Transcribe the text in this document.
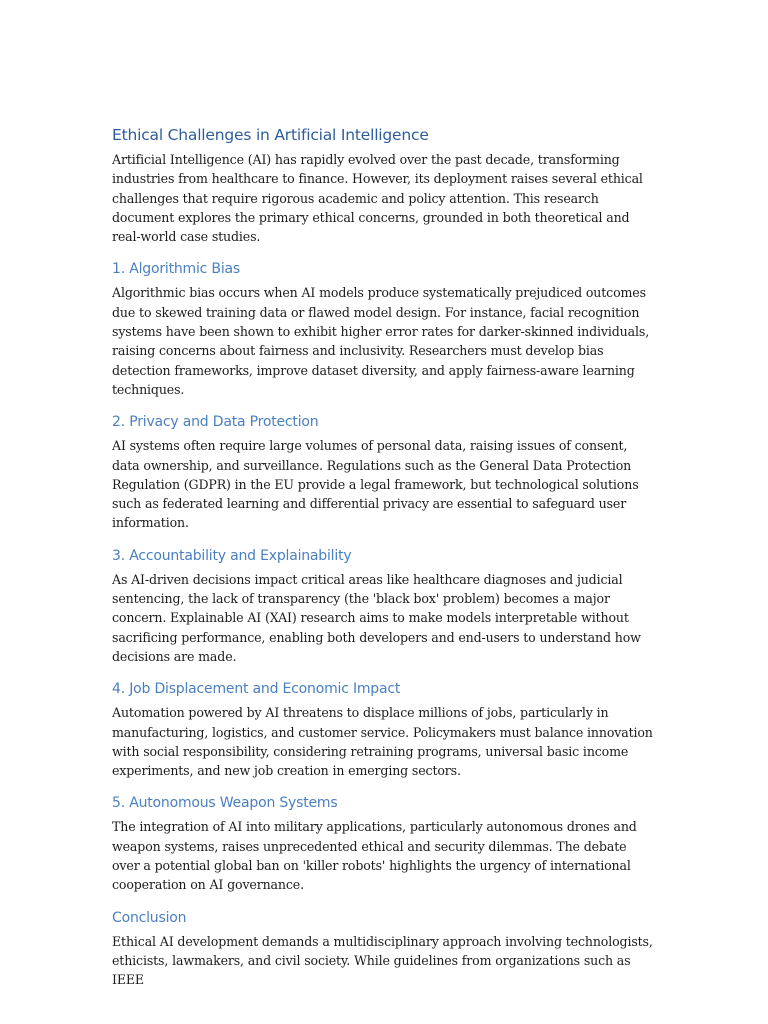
Ethical Challenges in Artificial Intelligence

Artificial Intelligence (AI) has rapidly evolved over the past decade, transforming industries from healthcare to finance. However, its deployment raises several ethical challenges that require rigorous academic and policy attention. This research document explores the primary ethical concerns, grounded in both theoretical and real-world case studies.

1. Algorithmic Bias

Algorithmic bias occurs when AI models produce systematically prejudiced outcomes due to skewed training data or flawed model design. For instance, facial recognition systems have been shown to exhibit higher error rates for darker-skinned individuals, raising concerns about fairness and inclusivity. Researchers must develop bias detection frameworks, improve dataset diversity, and apply fairness-aware learning techniques.

2. Privacy and Data Protection

AI systems often require large volumes of personal data, raising issues of consent, data ownership, and surveillance. Regulations such as the General Data Protection Regulation (GDPR) in the EU provide a legal framework, but technological solutions such as federated learning and differential privacy are essential to safeguard user information.

3. Accountability and Explainability

As AI-driven decisions impact critical areas like healthcare diagnoses and judicial sentencing, the lack of transparency (the 'black box' problem) becomes a major concern. Explainable AI (XAI) research aims to make models interpretable without sacrificing performance, enabling both developers and end-users to understand how decisions are made.

4. Job Displacement and Economic Impact

Automation powered by AI threatens to displace millions of jobs, particularly in manufacturing, logistics, and customer service. Policymakers must balance innovation with social responsibility, considering retraining programs, universal basic income experiments, and new job creation in emerging sectors.

5. Autonomous Weapon Systems

The integration of AI into military applications, particularly autonomous drones and weapon systems, raises unprecedented ethical and security dilemmas. The debate over a potential global ban on 'killer robots' highlights the urgency of international cooperation on AI governance.

Conclusion

Ethical AI development demands a multidisciplinary approach involving technologists, ethicists, lawmakers, and civil society. While guidelines from organizations such as IEEE
